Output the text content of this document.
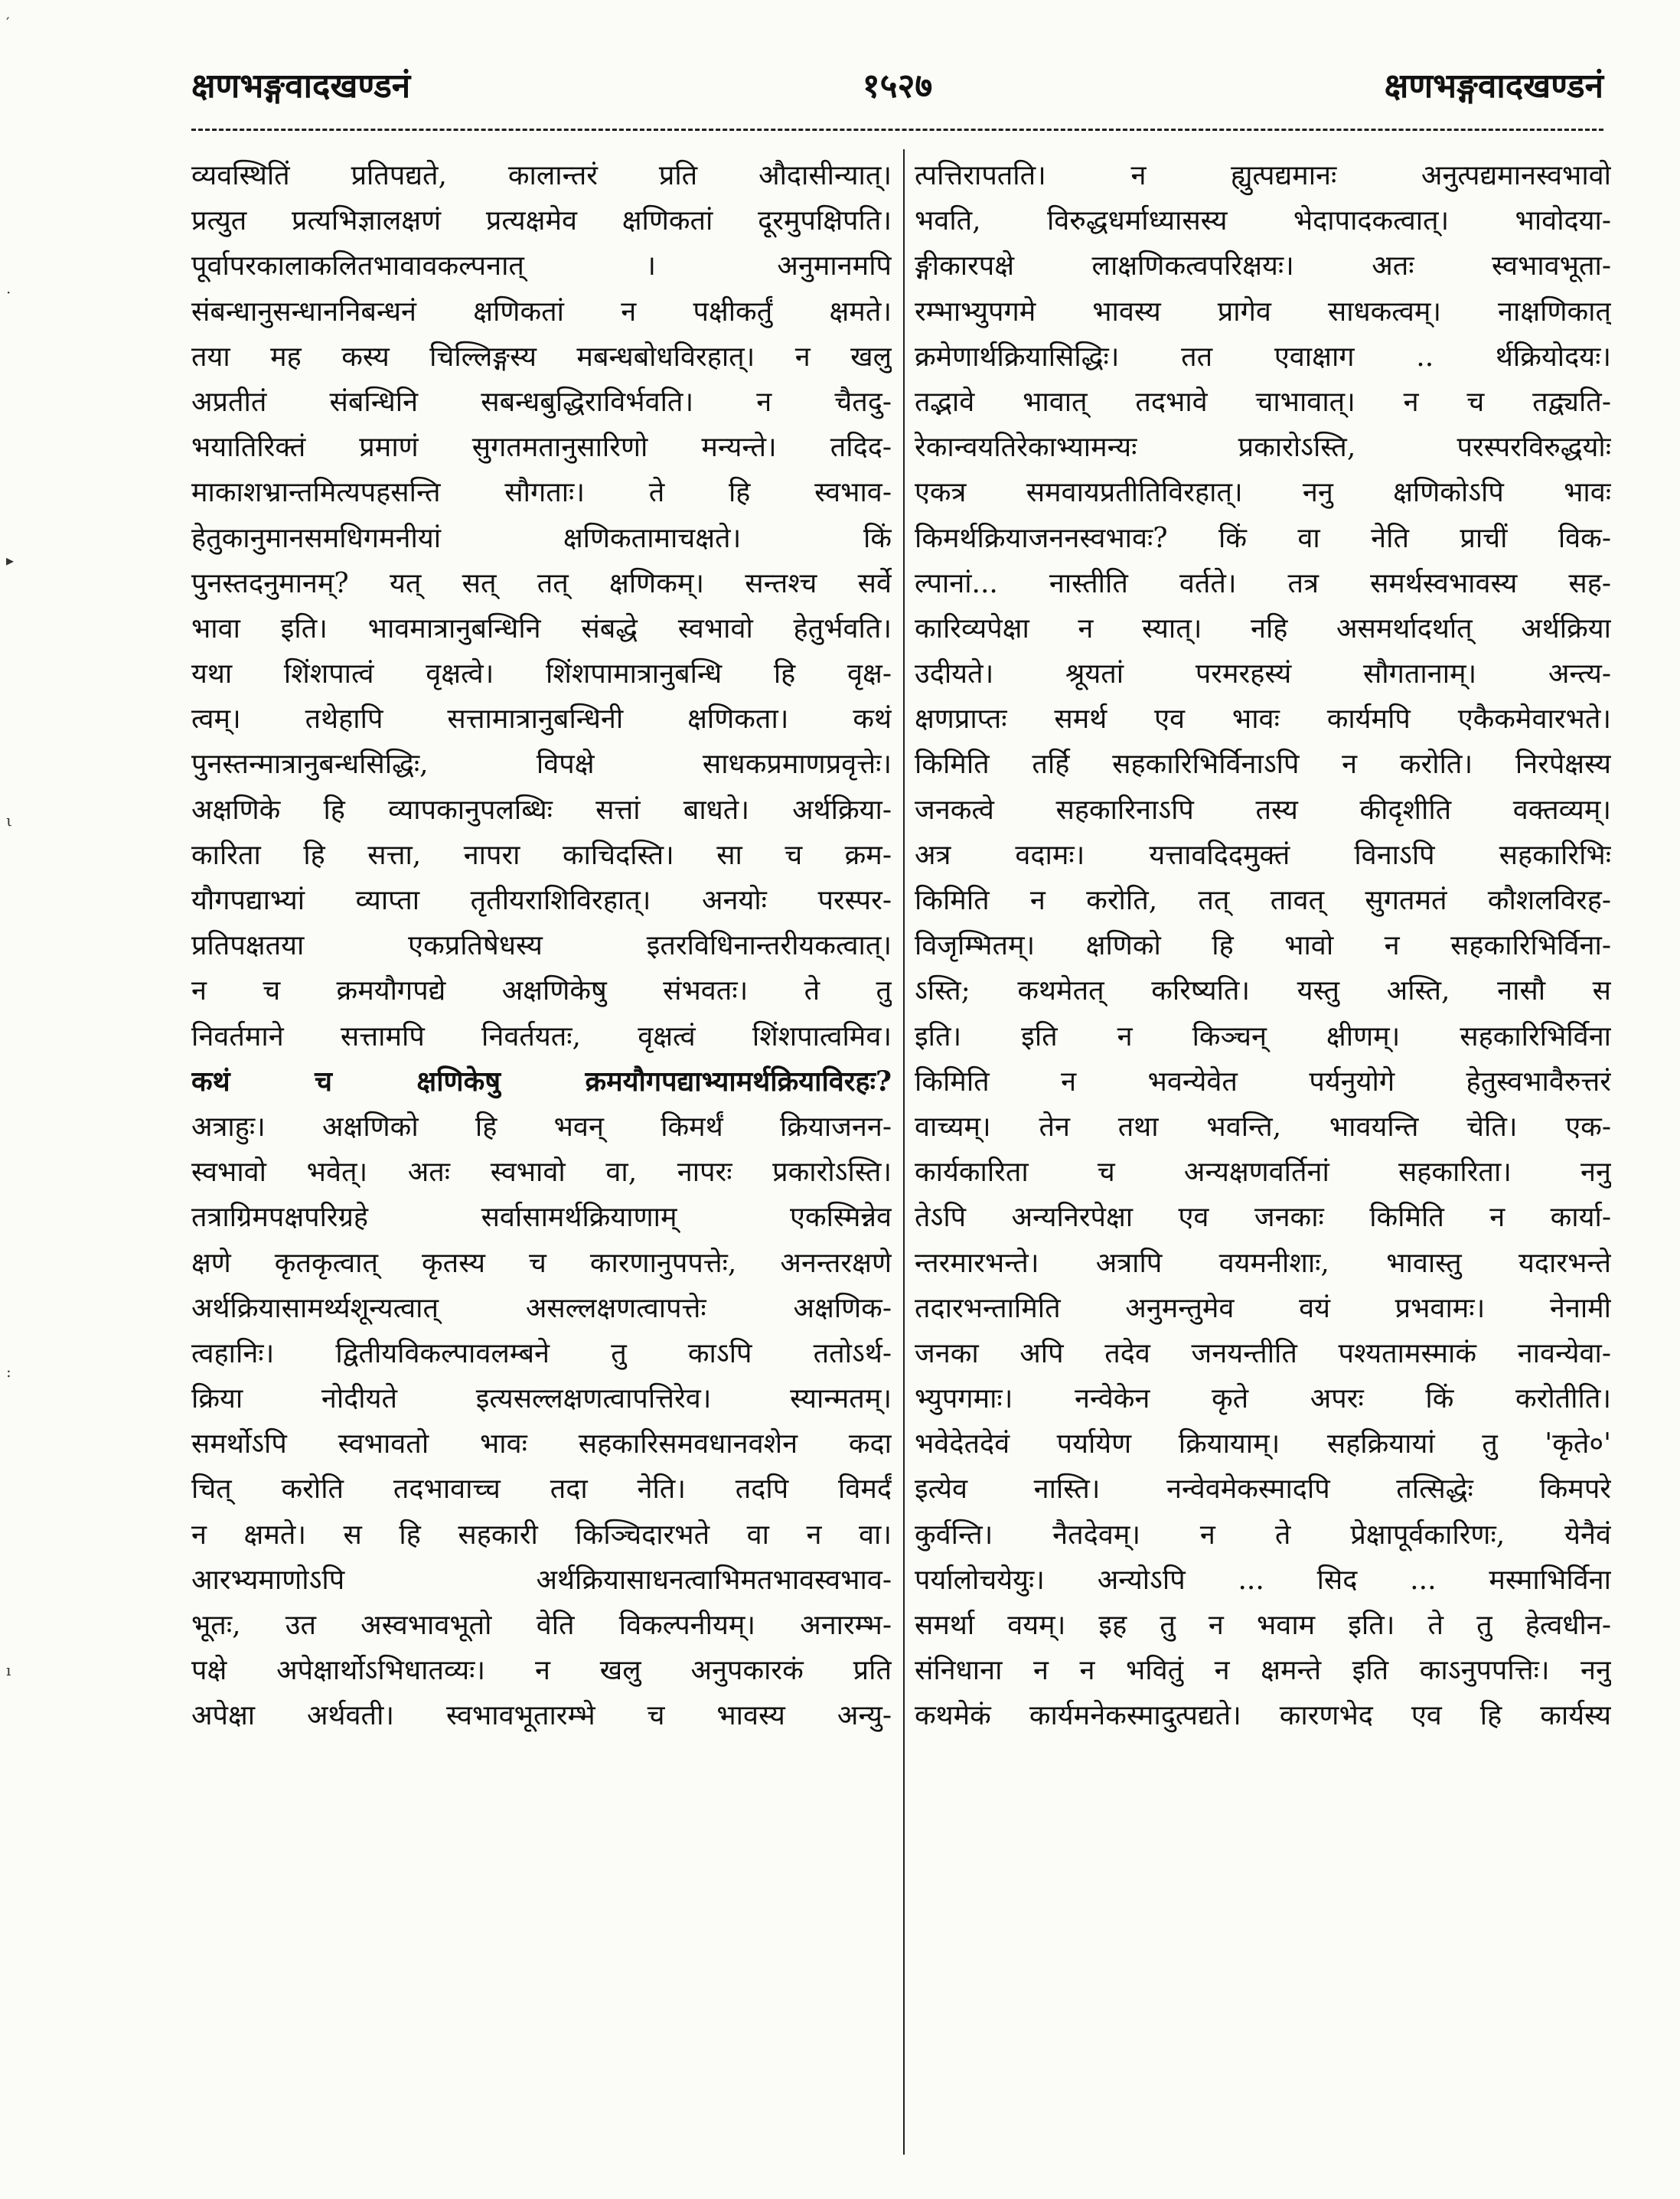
′
·
▸
ι
:
ı
क्षणभङ्गवादखण्डनं	१५२७	क्षणभङ्गवादखण्डनं
व्यवस्थितिं प्रतिपद्यते, कालान्तरं प्रति औदासीन्यात्।
प्रत्युत प्रत्यभिज्ञालक्षणं प्रत्यक्षमेव क्षणिकतां दूरमुपक्षिपति।
पूर्वापरकालाकलितभावावकल्पनात् । अनुमानमपि
संबन्धानुसन्धाननिबन्धनं क्षणिकतां न पक्षीकर्तुं क्षमते।
तया मह कस्य चिल्लिङ्गस्य मबन्धबोधविरहात्। न खलु
अप्रतीतं संबन्धिनि सबन्धबुद्धिराविर्भवति। न चैतदु-
भयातिरिक्तं प्रमाणं सुगतमतानुसारिणो मन्यन्ते। तदिद-
माकाशभ्रान्तमित्यपहसन्ति सौगताः। ते हि स्वभाव-
हेतुकानुमानसमधिगमनीयां क्षणिकतामाचक्षते। किं
पुनस्तदनुमानम्? यत् सत् तत् क्षणिकम्। सन्तश्च सर्वे
भावा इति। भावमात्रानुबन्धिनि संबद्धे स्वभावो हेतुर्भवति।
यथा शिंशपात्वं वृक्षत्वे। शिंशपामात्रानुबन्धि हि वृक्ष-
त्वम्। तथेहापि सत्तामात्रानुबन्धिनी क्षणिकता। कथं
पुनस्तन्मात्रानुबन्धसिद्धिः, विपक्षे साधकप्रमाणप्रवृत्तेः।
अक्षणिके हि व्यापकानुपलब्धिः सत्तां बाधते। अर्थक्रिया-
कारिता हि सत्ता, नापरा काचिदस्ति। सा च क्रम-
यौगपद्याभ्यां व्याप्ता तृतीयराशिविरहात्। अनयोः परस्पर-
प्रतिपक्षतया एकप्रतिषेधस्य इतरविधिनान्तरीयकत्वात्।
न च क्रमयौगपद्ये अक्षणिकेषु संभवतः। ते तु
निवर्तमाने सत्तामपि निवर्तयतः, वृक्षत्वं शिंशपात्वमिव।
कथं च क्षणिकेषु क्रमयौगपद्याभ्यामर्थक्रियाविरहः?
अत्राहुः। अक्षणिको हि भवन् किमर्थं क्रियाजनन-
स्वभावो भवेत्। अतः स्वभावो वा, नापरः प्रकारोऽस्ति।
तत्राग्रिमपक्षपरिग्रहे सर्वासामर्थक्रियाणाम् एकस्मिन्नेव
क्षणे कृतकृत्वात् कृतस्य च कारणानुपपत्तेः, अनन्तरक्षणे
अर्थक्रियासामर्थ्यशून्यत्वात् असल्लक्षणत्वापत्तेः अक्षणिक-
त्वहानिः। द्वितीयविकल्पावलम्बने तु काऽपि ततोऽर्थ-
क्रिया नोदीयते इत्यसल्लक्षणत्वापत्तिरेव। स्यान्मतम्।
समर्थोऽपि स्वभावतो भावः सहकारिसमवधानवशेन कदा
चित् करोति तदभावाच्च तदा नेति। तदपि विमर्दं
न क्षमते। स हि सहकारी किञ्चिदारभते वा न वा।
आरभ्यमाणोऽपि अर्थक्रियासाधनत्वाभिमतभावस्वभाव-
भूतः, उत अस्वभावभूतो वेति विकल्पनीयम्। अनारम्भ-
पक्षे अपेक्षार्थोऽभिधातव्यः। न खलु अनुपकारकं प्रति
अपेक्षा अर्थवती। स्वभावभूतारम्भे च भावस्य अन्यु-
त्पत्तिरापतति। न ह्युत्पद्यमानः अनुत्पद्यमानस्वभावो
भवति, विरुद्धधर्माध्यासस्य भेदापादकत्वात्। भावोदया-
ङ्गीकारपक्षे लाक्षणिकत्वपरिक्षयः। अतः स्वभावभूता-
रम्भाभ्युपगमे भावस्य प्रागेव साधकत्वम्। नाक्षणिकात्
क्रमेणार्थक्रियासिद्धिः। तत एवाक्षाग .. र्थक्रियोदयः।
तद्भावे भावात् तदभावे चाभावात्। न च तद्व्यति-
रेकान्वयतिरेकाभ्यामन्यः प्रकारोऽस्ति, परस्परविरुद्धयोः
एकत्र समवायप्रतीतिविरहात्। ननु क्षणिकोऽपि भावः
किमर्थक्रियाजननस्वभावः? किं वा नेति प्राचीं विक-
ल्पानां... नास्तीति वर्तते। तत्र समर्थस्वभावस्य सह-
कारिव्यपेक्षा न स्यात्। नहि असमर्थादर्थात् अर्थक्रिया
उदीयते। श्रूयतां परमरहस्यं सौगतानाम्। अन्त्य-
क्षणप्राप्तः समर्थ एव भावः कार्यमपि एकैकमेवारभते।
किमिति तर्हि सहकारिभिर्विनाऽपि न करोति। निरपेक्षस्य
जनकत्वे सहकारिनाऽपि तस्य कीदृशीति वक्तव्यम्।
अत्र वदामः। यत्तावदिदमुक्तं विनाऽपि सहकारिभिः
किमिति न करोति, तत् तावत् सुगतमतं कौशलविरह-
विजृम्भितम्। क्षणिको हि भावो न सहकारिभिर्विना-
ऽस्ति; कथमेतत् करिष्यति। यस्तु अस्ति, नासौ स
इति। इति न किञ्चन् क्षीणम्। सहकारिभिर्विना
किमिति न भवन्येवेत पर्यनुयोगे हेतुस्वभावैरुत्तरं
वाच्यम्। तेन तथा भवन्ति, भावयन्ति चेति। एक-
कार्यकारिता च अन्यक्षणवर्तिनां सहकारिता। ननु
तेऽपि अन्यनिरपेक्षा एव जनकाः किमिति न कार्या-
न्तरमारभन्ते। अत्रापि वयमनीशाः, भावास्तु यदारभन्ते
तदारभन्तामिति अनुमन्तुमेव वयं प्रभवामः। नेनामी
जनका अपि तदेव जनयन्तीति पश्यतामस्माकं नावन्येवा-
भ्युपगमाः। नन्वेकेन कृते अपरः किं करोतीति।
भवेदेतदेवं पर्यायेण क्रियायाम्। सहक्रियायां तु 'कृते०'
इत्येव नास्ति। नन्वेवमेकस्मादपि तत्सिद्धेः किमपरे
कुर्वन्ति। नैतदेवम्। न ते प्रेक्षापूर्वकारिणः, येनैवं
पर्यालोचयेयुः। अन्योऽपि ... सिद ... मस्माभिर्विना
समर्था वयम्। इह तु न भवाम इति। ते तु हेत्वधीन-
संनिधाना न न भवितुं न क्षमन्ते इति काऽनुपपत्तिः। ननु
कथमेकं कार्यमनेकस्मादुत्पद्यते। कारणभेद एव हि कार्यस्य
